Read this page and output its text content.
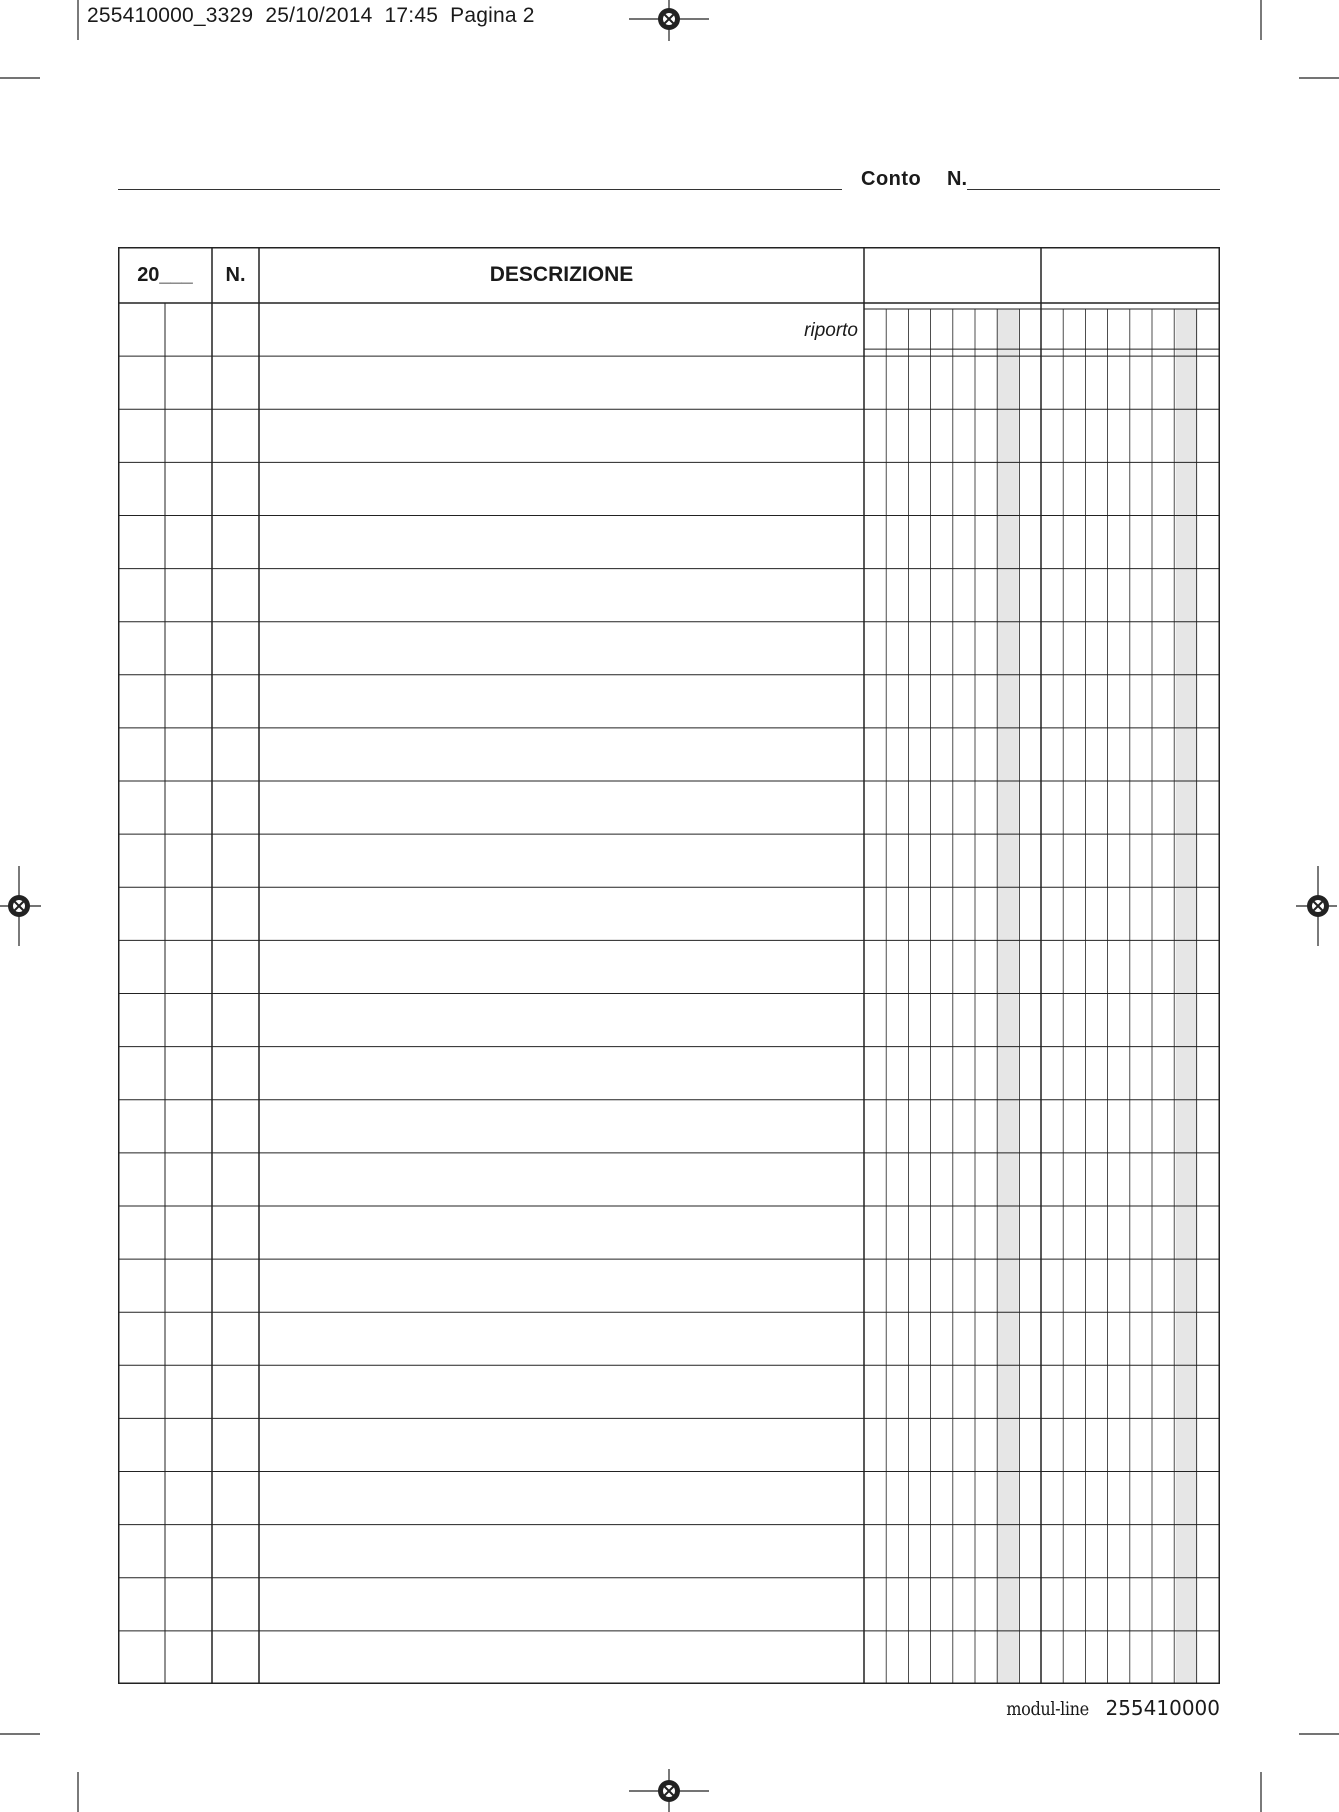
255410000_3329  25/10/2014  17:45  Pagina 2
Conto N.
20___	N.	DESCRIZIONE
riporto
modul-line 255410000
